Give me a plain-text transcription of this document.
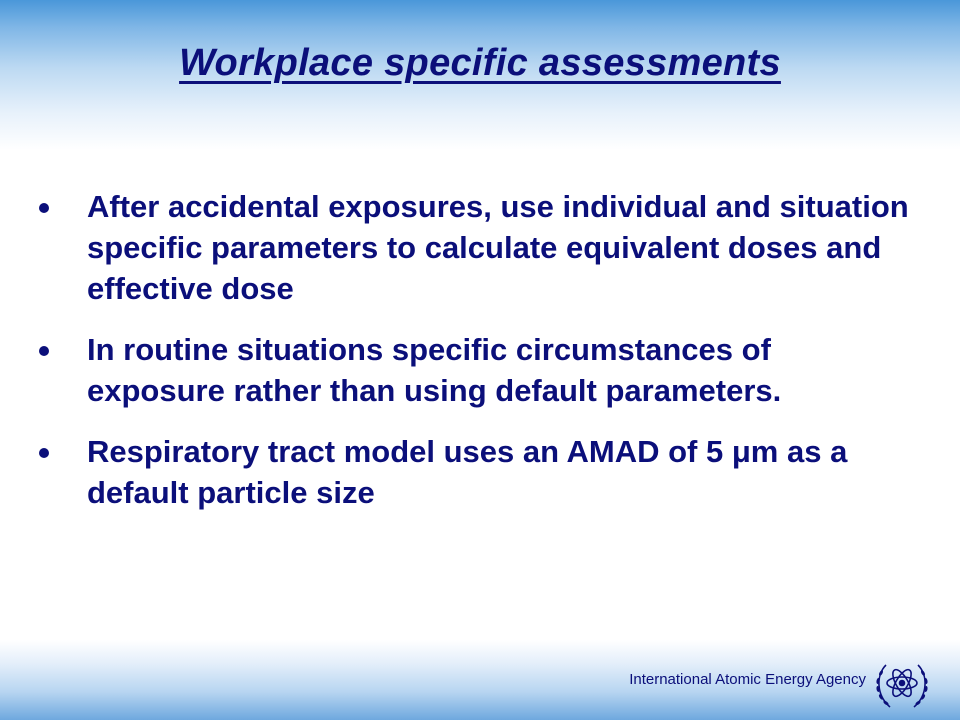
Workplace specific assessments
After accidental exposures, use individual and situation specific parameters to calculate equivalent doses and effective dose
In routine situations specific circumstances of exposure rather than using default parameters.
Respiratory tract model uses an AMAD of 5 μm as a default particle size
International Atomic Energy Agency
